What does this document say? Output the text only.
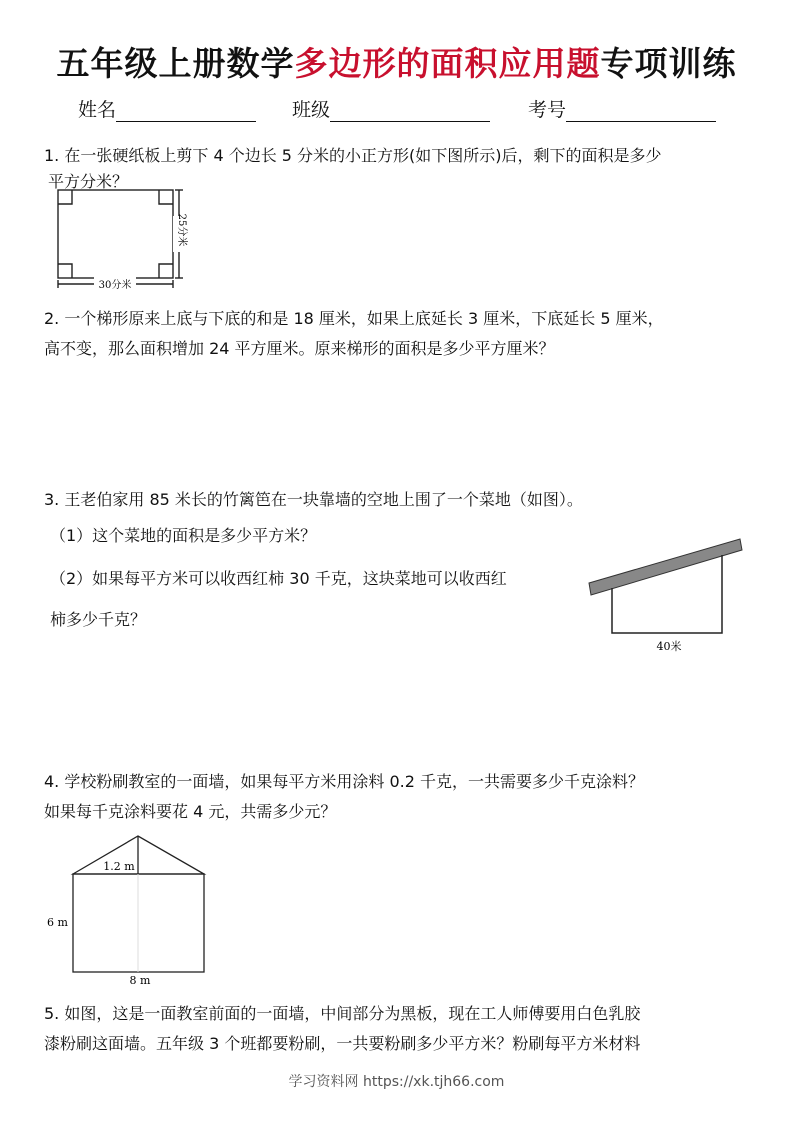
五年级上册数学多边形的面积应用题专项训练
姓名	班级	考号
1. 在一张硬纸板上剪下 4 个边长 5 分米的小正方形(如下图所示)后，剩下的面积是多少
平方分米？
30分米
25分米
2. 一个梯形原来上底与下底的和是 18 厘米，如果上底延长 3 厘米，下底延长 5 厘米，
高不变，那么面积增加 24 平方厘米。原来梯形的面积是多少平方厘米？
3. 王老伯家用 85 米长的竹篱笆在一块靠墙的空地上围了一个菜地（如图）。
（1）这个菜地的面积是多少平方米？
（2）如果每平方米可以收西红柿 30 千克，这块菜地可以收西红
柿多少千克？
40米
4. 学校粉刷教室的一面墙，如果每平方米用涂料 0.2 千克，一共需要多少千克涂料？
如果每千克涂料要花 4 元，共需多少元？
1.2 m
6 m
8 m
5. 如图，这是一面教室前面的一面墙，中间部分为黑板，现在工人师傅要用白色乳胶
漆粉刷这面墙。五年级 3 个班都要粉刷，一共要粉刷多少平方米？粉刷每平方米材料
学习资料网 https://xk.tjh66.com
